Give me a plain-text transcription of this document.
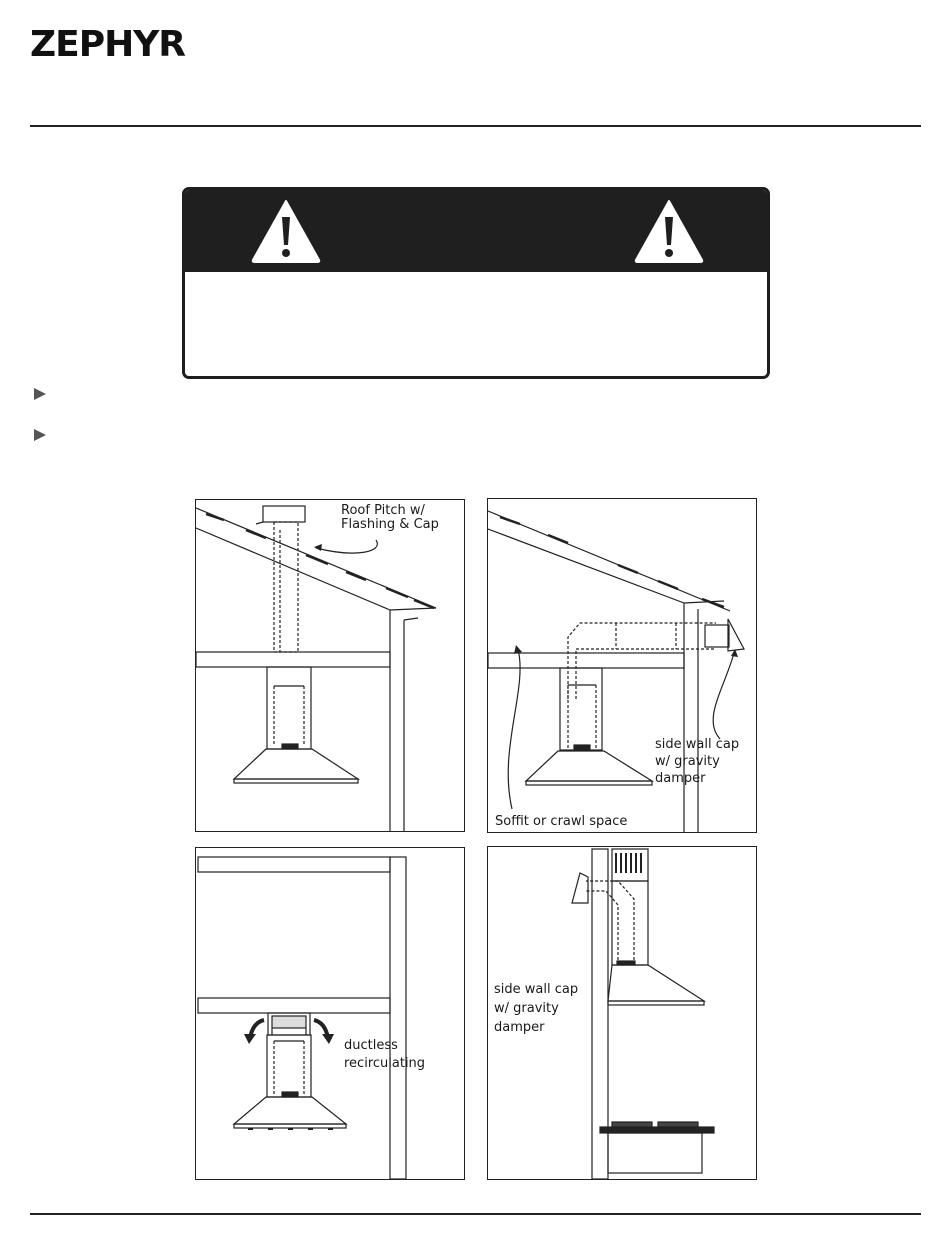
ZEPHYR
Roof Pitch w/
Flashing & Cap
side wall cap
w/ gravity
damper
Soffit or crawl space
ductless
recirculating
side wall cap
w/ gravity
damper
